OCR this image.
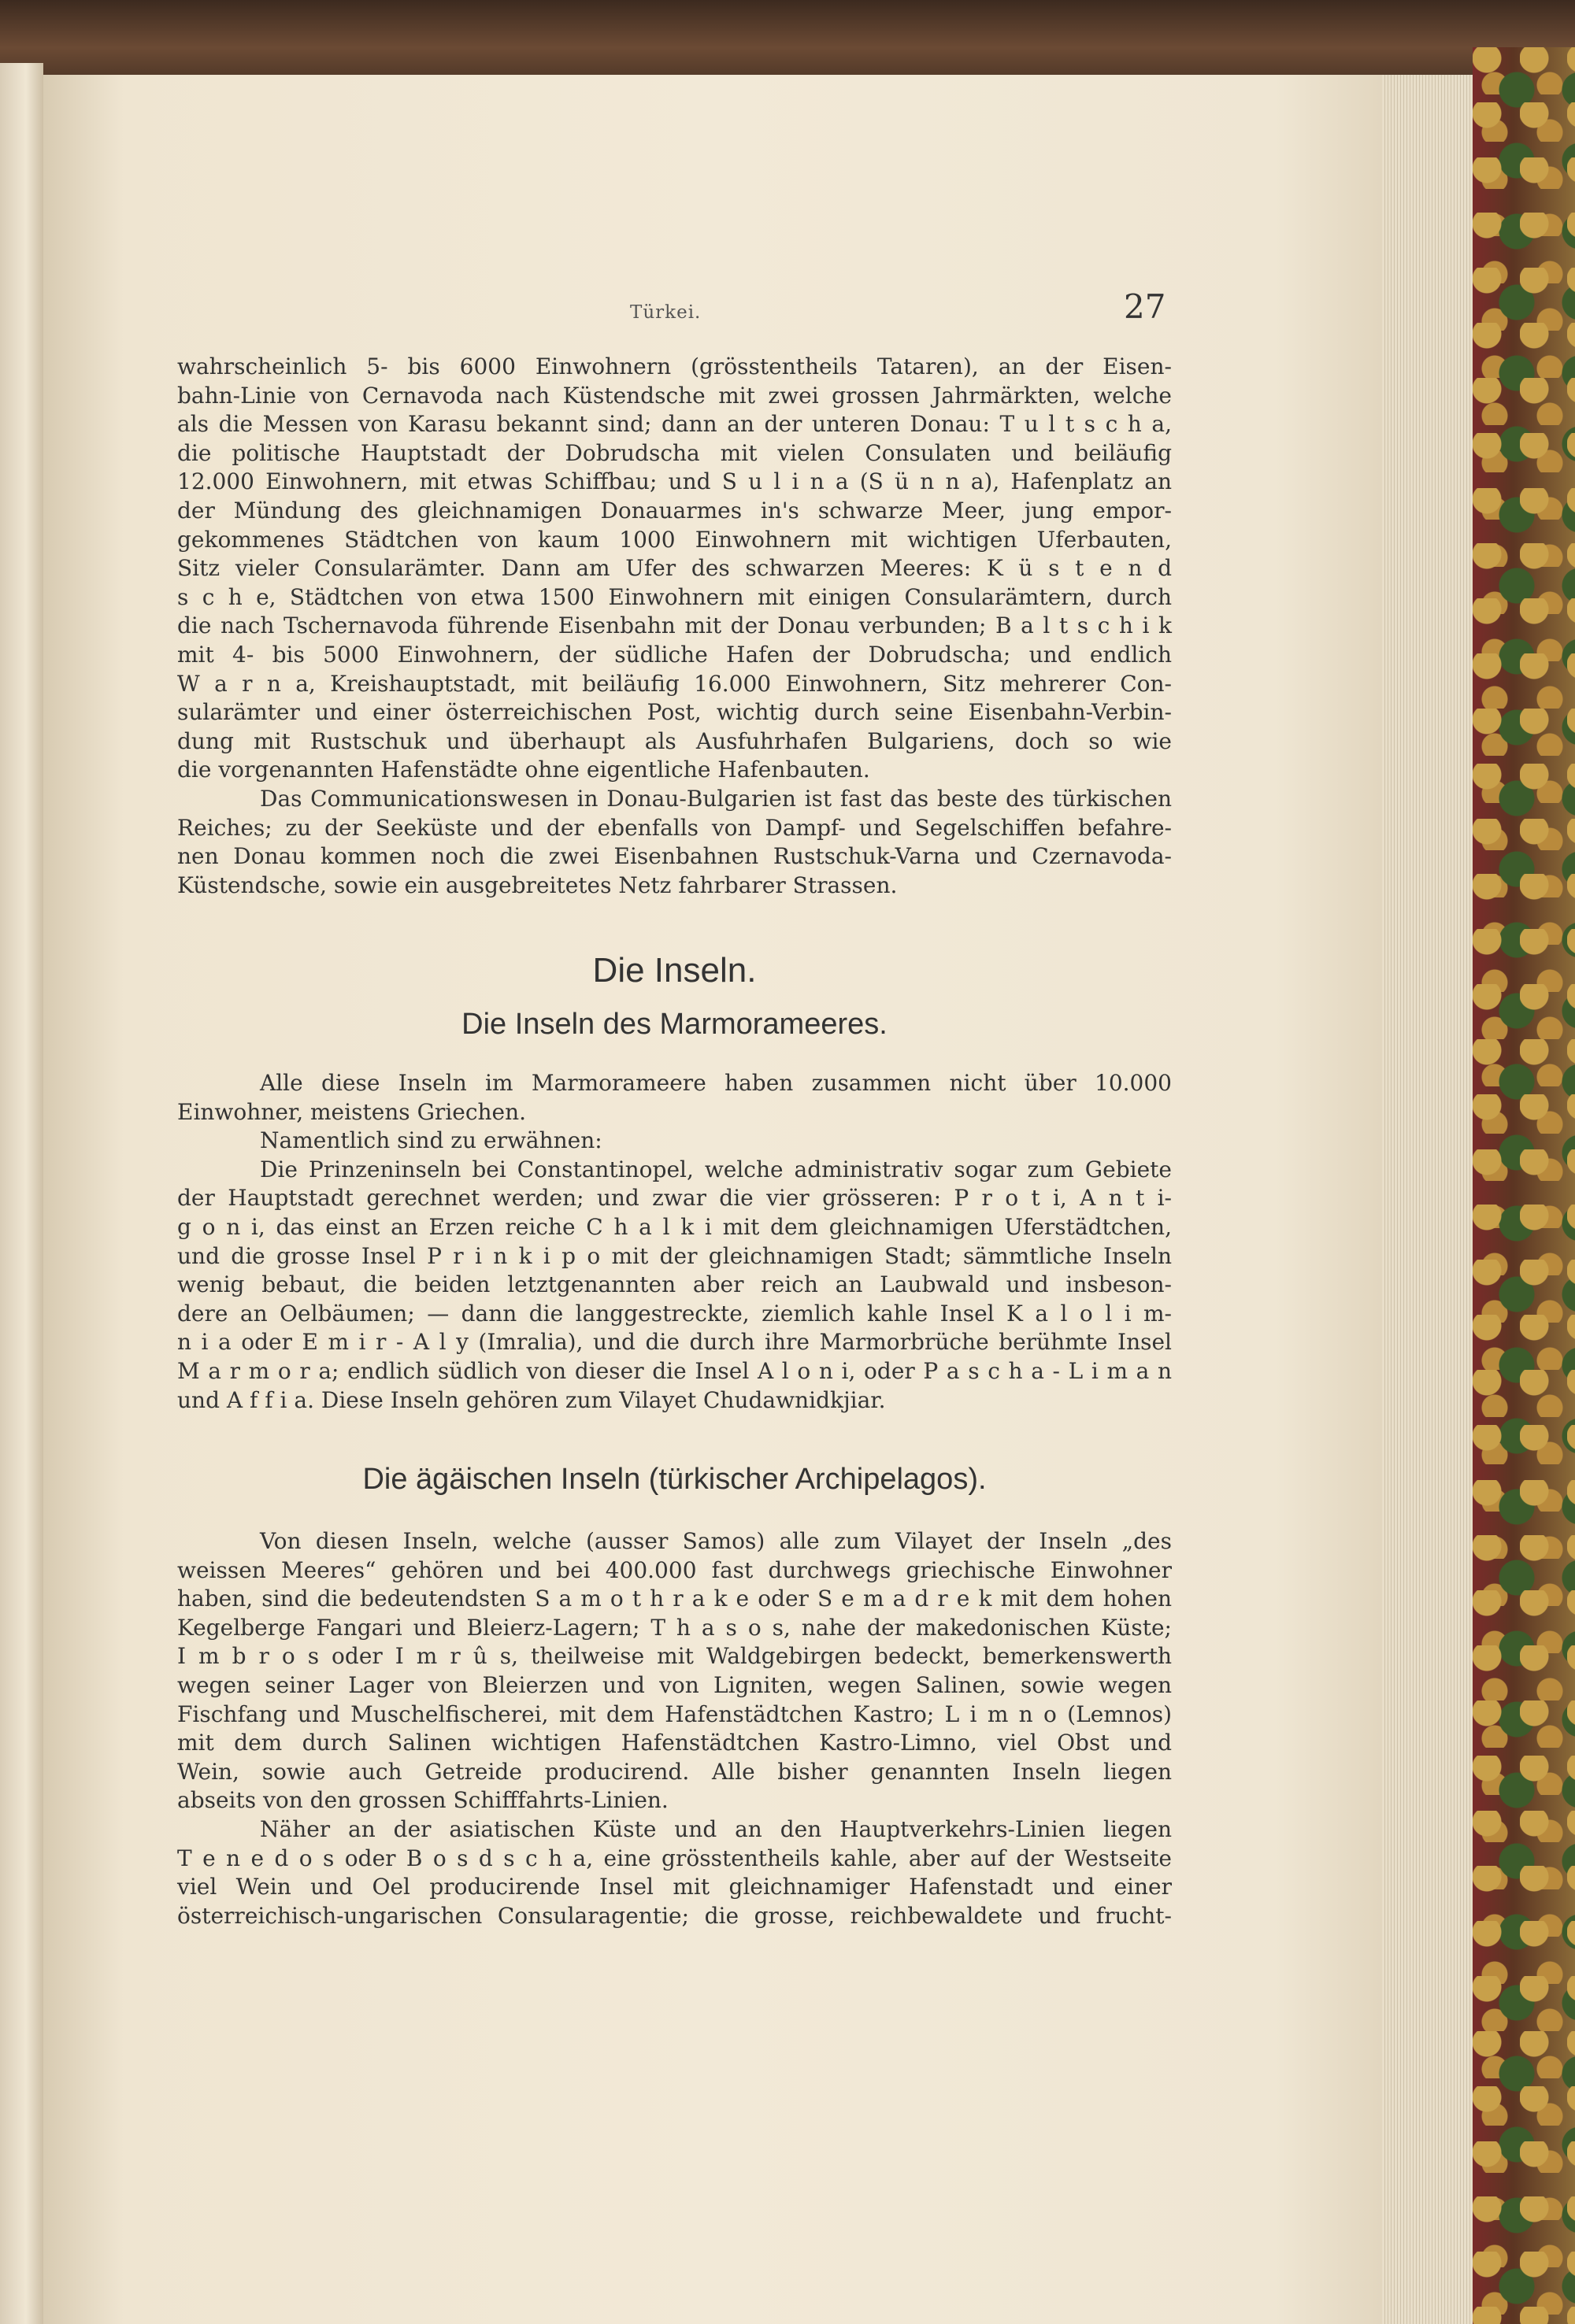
Türkei.	27
wahrscheinlich 5- bis 6000 Einwohnern (grösstentheils Tataren), an der Eisen-
bahn-Linie von Cernavoda nach Küstendsche mit zwei grossen Jahrmärkten, welche
als die Messen von Karasu bekannt sind; dann an der unteren Donau: T u l t s c h a,
die politische Hauptstadt der Dobrudscha mit vielen Consulaten und beiläufig
12.000 Einwohnern, mit etwas Schiffbau; und S u l i n a (S ü n n a), Hafenplatz an
der Mündung des gleichnamigen Donauarmes in's schwarze Meer, jung empor-
gekommenes Städtchen von kaum 1000 Einwohnern mit wichtigen Uferbauten,
Sitz vieler Consularämter. Dann am Ufer des schwarzen Meeres: K ü s t e n d
s c h e, Städtchen von etwa 1500 Einwohnern mit einigen Consularämtern, durch
die nach Tschernavoda führende Eisenbahn mit der Donau verbunden; B a l t s c h i k
mit 4- bis 5000 Einwohnern, der südliche Hafen der Dobrudscha; und endlich
W a r n a, Kreishauptstadt, mit beiläufig 16.000 Einwohnern, Sitz mehrerer Con-
sularämter und einer österreichischen Post, wichtig durch seine Eisenbahn-Verbin-
dung mit Rustschuk und überhaupt als Ausfuhrhafen Bulgariens, doch so wie
die vorgenannten Hafenstädte ohne eigentliche Hafenbauten.
Das Communicationswesen in Donau-Bulgarien ist fast das beste des türkischen
Reiches; zu der Seeküste und der ebenfalls von Dampf- und Segelschiffen befahre-
nen Donau kommen noch die zwei Eisenbahnen Rustschuk-Varna und Czernavoda-
Küstendsche, sowie ein ausgebreitetes Netz fahrbarer Strassen.
Die Inseln.
Die Inseln des Marmorameeres.
Alle diese Inseln im Marmorameere haben zusammen nicht über 10.000
Einwohner, meistens Griechen.
Namentlich sind zu erwähnen:
Die Prinzeninseln bei Constantinopel, welche administrativ sogar zum Gebiete
der Hauptstadt gerechnet werden; und zwar die vier grösseren: P r o t i, A n t i-
g o n i, das einst an Erzen reiche C h a l k i mit dem gleichnamigen Uferstädtchen,
und die grosse Insel P r i n k i p o mit der gleichnamigen Stadt; sämmtliche Inseln
wenig bebaut, die beiden letztgenannten aber reich an Laubwald und insbeson-
dere an Oelbäumen; — dann die langgestreckte, ziemlich kahle Insel K a l o l i m-
n i a oder E m i r - A l y (Imralia), und die durch ihre Marmorbrüche berühmte Insel
M a r m o r a; endlich südlich von dieser die Insel A l o n i, oder P a s c h a - L i m a n
und A f f i a. Diese Inseln gehören zum Vilayet Chudawnidkjiar.
Die ägäischen Inseln (türkischer Archipelagos).
Von diesen Inseln, welche (ausser Samos) alle zum Vilayet der Inseln „des
weissen Meeres“ gehören und bei 400.000 fast durchwegs griechische Einwohner
haben, sind die bedeutendsten S a m o t h r a k e oder S e m a d r e k mit dem hohen
Kegelberge Fangari und Bleierz-Lagern; T h a s o s, nahe der makedonischen Küste;
I m b r o s oder I m r û s, theilweise mit Waldgebirgen bedeckt, bemerkenswerth
wegen seiner Lager von Bleierzen und von Ligniten, wegen Salinen, sowie wegen
Fischfang und Muschelfischerei, mit dem Hafenstädtchen Kastro; L i m n o (Lemnos)
mit dem durch Salinen wichtigen Hafenstädtchen Kastro-Limno, viel Obst und
Wein, sowie auch Getreide producirend. Alle bisher genannten Inseln liegen
abseits von den grossen Schifffahrts-Linien.
Näher an der asiatischen Küste und an den Hauptverkehrs-Linien liegen
T e n e d o s oder B o s d s c h a, eine grösstentheils kahle, aber auf der Westseite
viel Wein und Oel producirende Insel mit gleichnamiger Hafenstadt und einer
österreichisch-ungarischen Consularagentie; die grosse, reichbewaldete und frucht-
